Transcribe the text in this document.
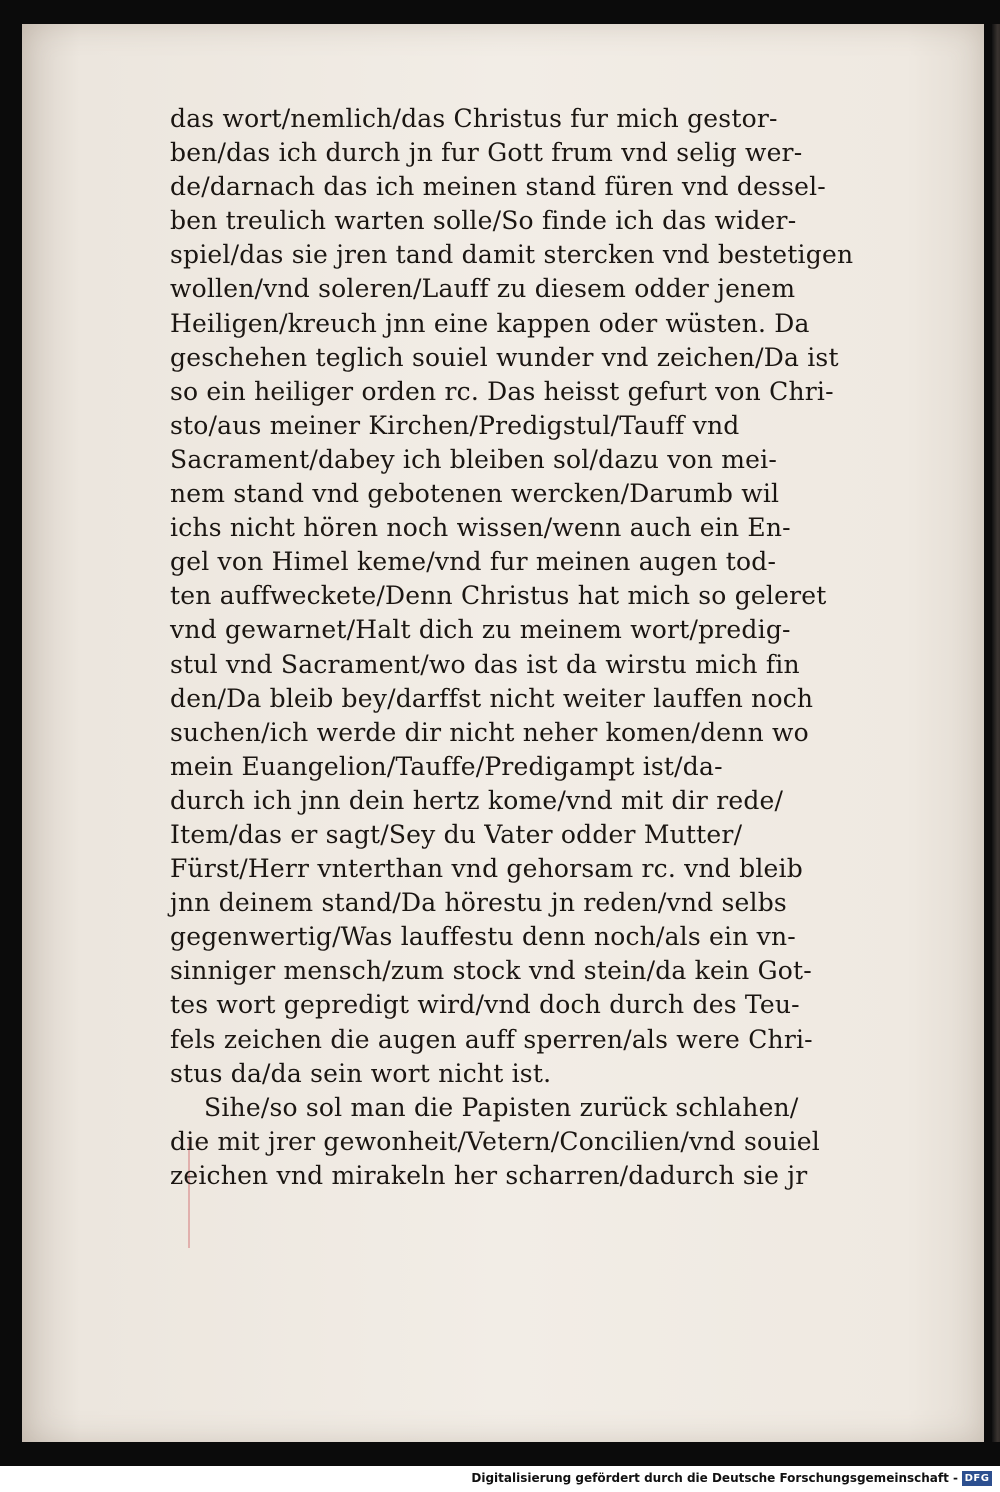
das wort/nemlich/das Christus fur mich gestor-
ben/das ich durch jn fur Gott frum vnd selig wer-
de/darnach das ich meinen stand füren vnd dessel-
ben treulich warten solle/So finde ich das wider-
spiel/das sie jren tand damit stercken vnd bestetigen
wollen/vnd soleren/Lauff zu diesem odder jenem
Heiligen/kreuch jnn eine kappen oder wüsten. Da
geschehen teglich souiel wunder vnd zeichen/Da ist
so ein heiliger orden rc. Das heisst gefurt von Chri-
sto/aus meiner Kirchen/Predigstul/Tauff vnd
Sacrament/dabey ich bleiben sol/dazu von mei-
nem stand vnd gebotenen wercken/Darumb wil
ichs nicht hören noch wissen/wenn auch ein En-
gel von Himel keme/vnd fur meinen augen tod-
ten auffweckete/Denn Christus hat mich so geleret
vnd gewarnet/Halt dich zu meinem wort/predig-
stul vnd Sacrament/wo das ist da wirstu mich fin
den/Da bleib bey/darffst nicht weiter lauffen noch
suchen/ich werde dir nicht neher komen/denn wo
mein Euangelion/Tauffe/Predigampt ist/da-
durch ich jnn dein hertz kome/vnd mit dir rede/
Item/das er sagt/Sey du Vater odder Mutter/
Fürst/Herr vnterthan vnd gehorsam rc. vnd bleib
jnn deinem stand/Da hörestu jn reden/vnd selbs
gegenwertig/Was lauffestu denn noch/als ein vn-
sinniger mensch/zum stock vnd stein/da kein Got-
tes wort gepredigt wird/vnd doch durch des Teu-
fels zeichen die augen auff sperren/als were Chri-
stus da/da sein wort nicht ist.
Sihe/so sol man die Papisten zurück schlahen/
die mit jrer gewonheit/Vetern/Concilien/vnd souiel
zeichen vnd mirakeln her scharren/dadurch sie jr
Digitalisierung gefördert durch die Deutsche Forschungsgemeinschaft - DFG
